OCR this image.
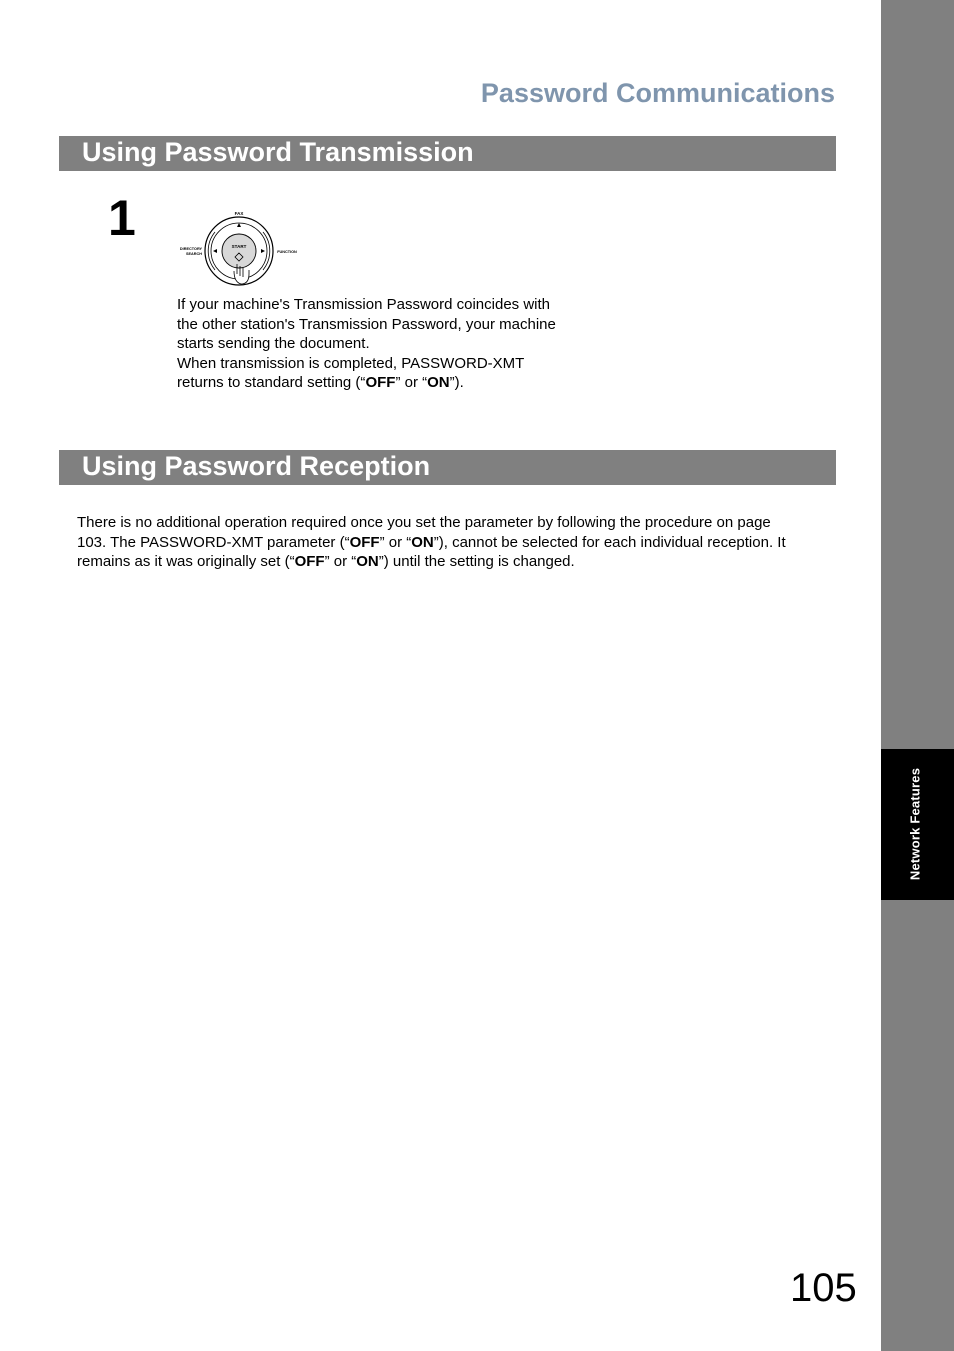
Network Features
Password Communications
Using Password Transmission
1	FAX
START
DIRECTORY
SEARCH	FUNCTION
If your machine's Transmission Password coincides with
the other station's Transmission Password, your machine
starts sending the document.
When transmission is completed, PASSWORD-XMT
returns to standard setting (“OFF” or “ON”).
Using Password Reception
There is no additional operation required once you set the parameter by following the procedure on page
103. The PASSWORD-XMT parameter (“OFF” or “ON”), cannot be selected for each individual reception. It
remains as it was originally set (“OFF” or “ON”) until the setting is changed.
105
